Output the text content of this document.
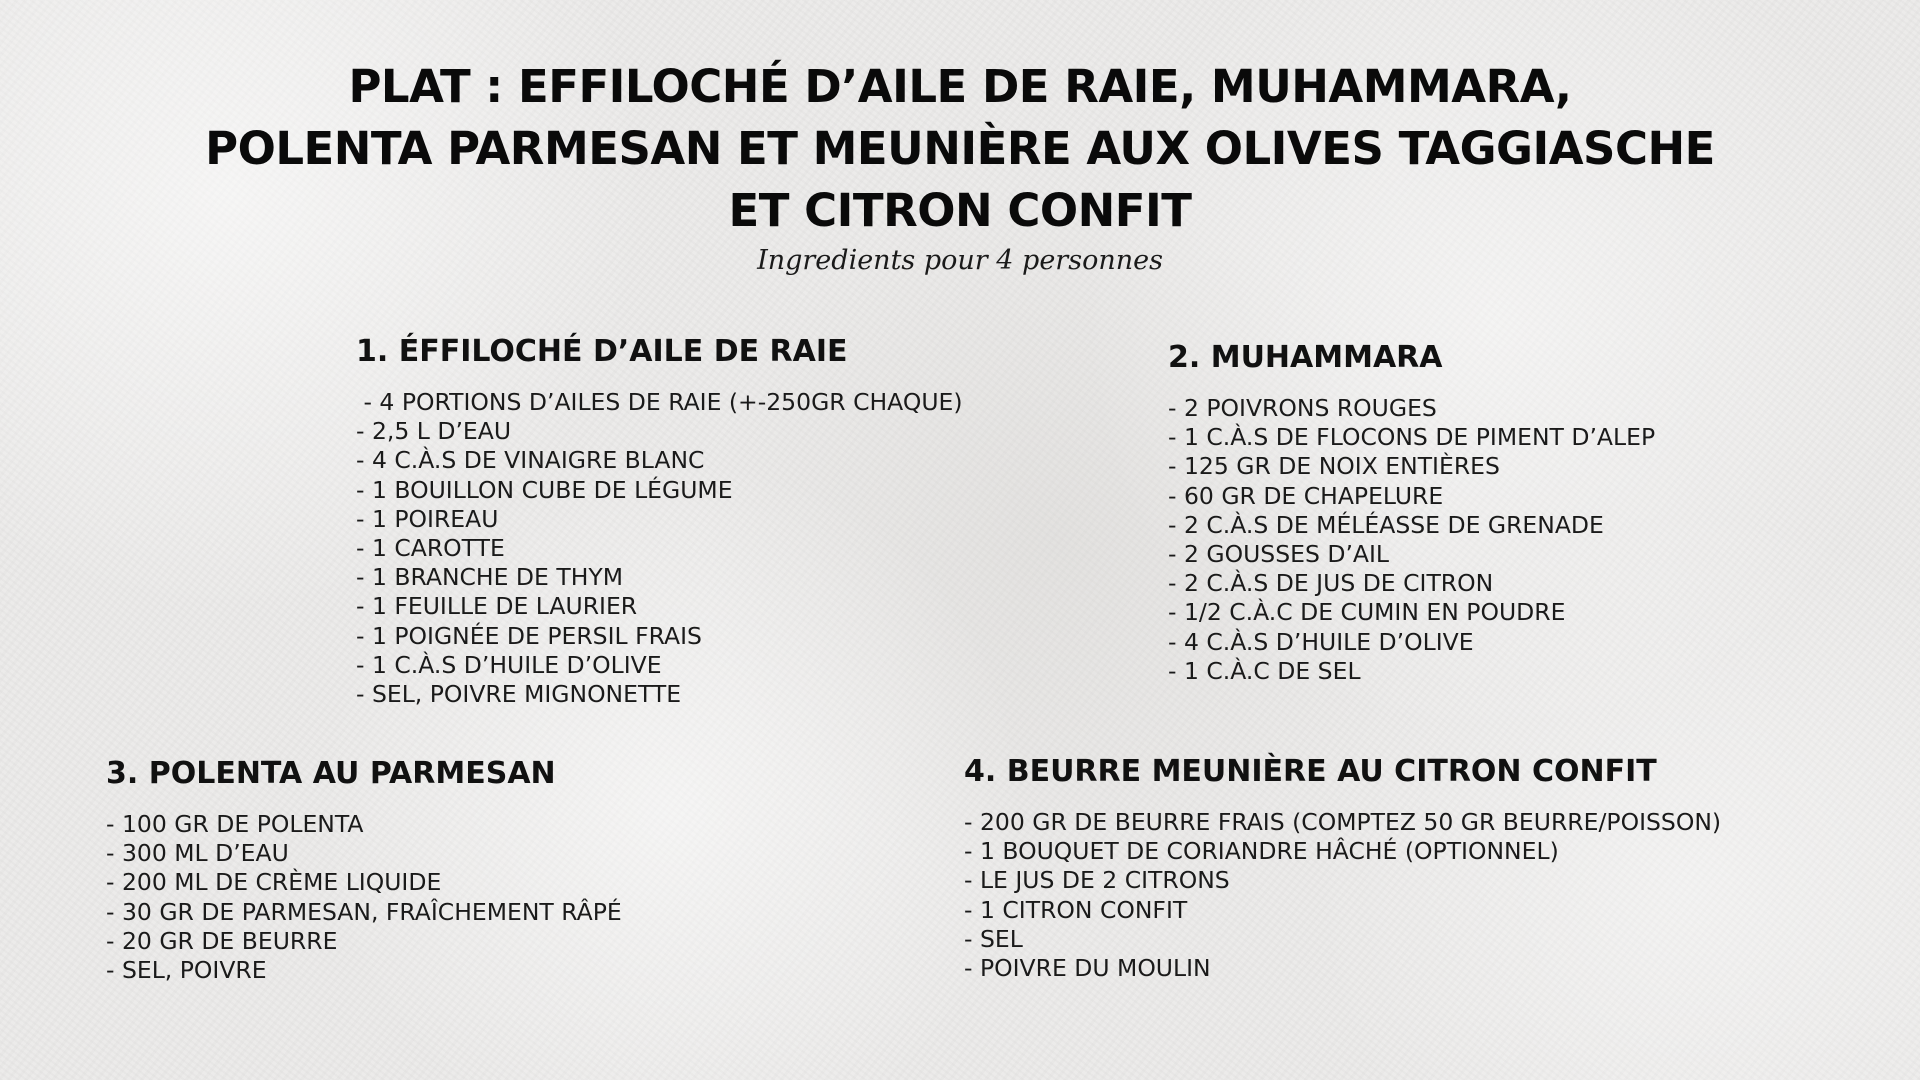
PLAT : EFFILOCHÉ D’AILE DE RAIE, MUHAMMARA,
POLENTA PARMESAN ET MEUNIÈRE AUX OLIVES TAGGIASCHE
ET CITRON CONFIT

Ingredients pour 4 personnes

1. ÉFFILOCHÉ D’AILE DE RAIE
- 4 PORTIONS D’AILES DE RAIE (+-250GR CHAQUE)
- 2,5 L D’EAU
- 4 C.À.S DE VINAIGRE BLANC
- 1 BOUILLON CUBE DE LÉGUME
- 1 POIREAU
- 1 CAROTTE
- 1 BRANCHE DE THYM
- 1 FEUILLE DE LAURIER
- 1 POIGNÉE DE PERSIL FRAIS
- 1 C.À.S D’HUILE D’OLIVE
- SEL, POIVRE MIGNONETTE
2. MUHAMMARA
- 2 POIVRONS ROUGES
- 1 C.À.S DE FLOCONS DE PIMENT D’ALEP
- 125 GR DE NOIX ENTIÈRES
- 60 GR DE CHAPELURE
- 2 C.À.S DE MÉLÉASSE DE GRENADE
- 2 GOUSSES D’AIL
- 2 C.À.S DE JUS DE CITRON
- 1/2 C.À.C DE CUMIN EN POUDRE
- 4 C.À.S D’HUILE D’OLIVE
- 1 C.À.C DE SEL
3. POLENTA AU PARMESAN
- 100 GR DE POLENTA
- 300 ML D’EAU
- 200 ML DE CRÈME LIQUIDE
- 30 GR DE PARMESAN, FRAÎCHEMENT RÂPÉ
- 20 GR DE BEURRE
- SEL, POIVRE
4. BEURRE MEUNIÈRE AU CITRON CONFIT
- 200 GR DE BEURRE FRAIS (COMPTEZ 50 GR BEURRE/POISSON)
- 1 BOUQUET DE CORIANDRE HÂCHÉ (OPTIONNEL)
- LE JUS DE 2 CITRONS
- 1 CITRON CONFIT
- SEL
- POIVRE DU MOULIN
